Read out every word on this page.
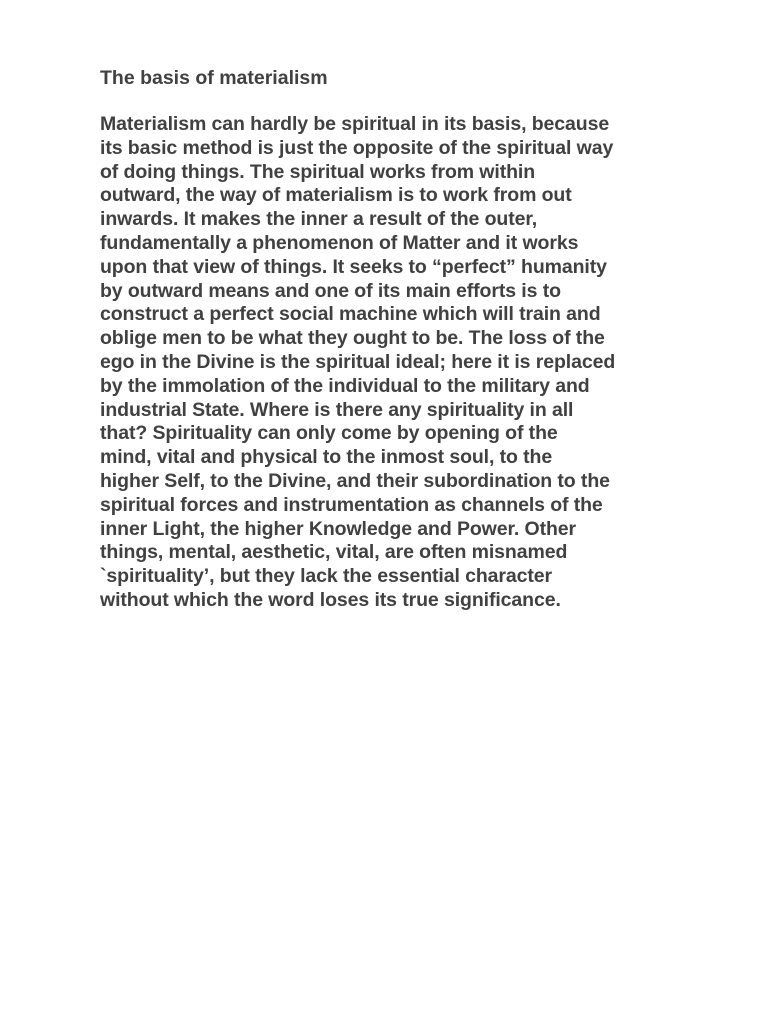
The basis of materialism

Materialism can hardly be spiritual in its basis, because
its basic method is just the opposite of the spiritual way
of doing things. The spiritual works from within
outward, the way of materialism is to work from out
inwards. It makes the inner a result of the outer,
fundamentally a phenomenon of Matter and it works
upon that view of things. It seeks to “perfect” humanity
by outward means and one of its main efforts is to
construct a perfect social machine which will train and
oblige men to be what they ought to be. The loss of the
ego in the Divine is the spiritual ideal; here it is replaced
by the immolation of the individual to the military and
industrial State. Where is there any spirituality in all
that? Spirituality can only come by opening of the
mind, vital and physical to the inmost soul, to the
higher Self, to the Divine, and their subordination to the
spiritual forces and instrumentation as channels of the
inner Light, the higher Knowledge and Power. Other
things, mental, aesthetic, vital, are often misnamed
`spirituality’, but they lack the essential character
without which the word loses its true significance.
